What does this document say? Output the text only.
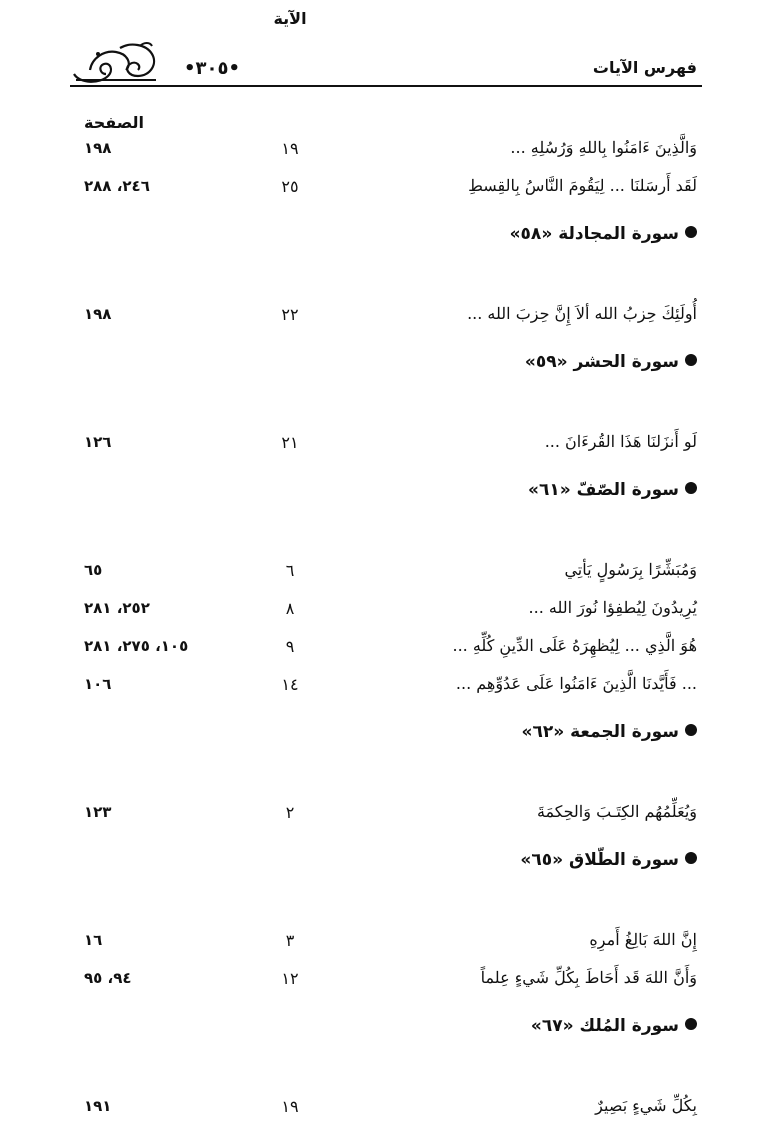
•٣٠٥•	فهرس الآيات
الصفحة
الآية
وَالَّذِينَ ءَامَنُوا بِاللهِ وَرُسُلِهِ ...
١٩
١٩٨
لَقَد أَرسَلنَا ... لِيَقُومَ النَّاسُ بِالقِسطِ
٢٥
٢٤٦، ٢٨٨
سورة المجادلة «٥٨»
أُولَئِكَ حِزبُ الله ألاَ إِنَّ حِزبَ الله ...
٢٢
١٩٨
سورة الحشر «٥٩»
لَو أَنزَلنَا هَذَا القُرءَانَ ...
٢١
١٢٦
سورة الصّفّ «٦١»
وَمُبَشِّرًا بِرَسُولٍ يَأتِي
٦
٦٥
يُرِيدُونَ لِيُطفِؤا نُورَ الله ...
٨
٢٥٢، ٢٨١
هُوَ الَّذِي ... لِيُظهِرَهُ عَلَى الدِّينِ كُلِّهِ ...
٩
١٠٥، ٢٧٥، ٢٨١
... فَأَيَّدنَا الَّذِينَ ءَامَنُوا عَلَى عَدُوِّهِم ...
١٤
١٠٦
سورة الجمعة «٦٢»
وَيُعَلِّمُهُم الكِتَـبَ وَالحِكمَةَ
٢
١٢٣
سورة الطّلاق «٦٥»
إِنَّ اللهَ بَالِغُ أَمرِهِ
٣
١٦
وَأَنَّ اللهَ قَد أَحَاطَ بِكُلِّ شَيءٍ عِلماً
١٢
٩٤، ٩٥
سورة المُلك «٦٧»
بِكُلِّ شَيءٍ بَصِيرٌ
١٩
١٩١
